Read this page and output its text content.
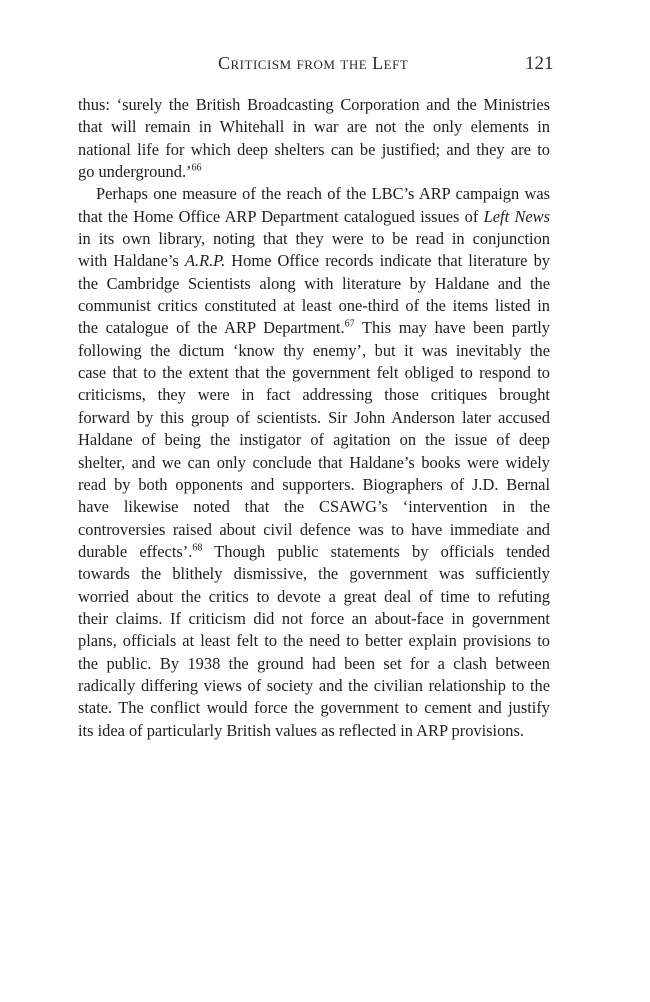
Criticism from the Left	121
thus: ‘surely the British Broadcasting Corporation and the Ministries
that will remain in Whitehall in war are not the only elements in
national life for which deep shelters can be justified; and they are to
go underground.’$^{66}$
Perhaps one measure of the reach of the LBC’s ARP campaign was
that the Home Office ARP Department catalogued issues of Left News
in its own library, noting that they were to be read in conjunction
with Haldane’s A.R.P. Home Office records indicate that literature by
the Cambridge Scientists along with literature by Haldane and the
communist critics constituted at least one-third of the items listed in
the catalogue of the ARP Department.$^{67}$ This may have been partly
following the dictum ‘know thy enemy’, but it was inevitably the
case that to the extent that the government felt obliged to respond to
criticisms, they were in fact addressing those critiques brought
forward by this group of scientists. Sir John Anderson later accused
Haldane of being the instigator of agitation on the issue of deep
shelter, and we can only conclude that Haldane’s books were widely
read by both opponents and supporters. Biographers of J.D. Bernal
have likewise noted that the CSAWG’s ‘intervention in the
controversies raised about civil defence was to have immediate and
durable effects’.$^{68}$ Though public statements by officials tended
towards the blithely dismissive, the government was sufficiently
worried about the critics to devote a great deal of time to refuting
their claims. If criticism did not force an about-face in government
plans, officials at least felt to the need to better explain provisions to
the public. By 1938 the ground had been set for a clash between
radically differing views of society and the civilian relationship to the
state. The conflict would force the government to cement and justify
its idea of particularly British values as reflected in ARP provisions.
